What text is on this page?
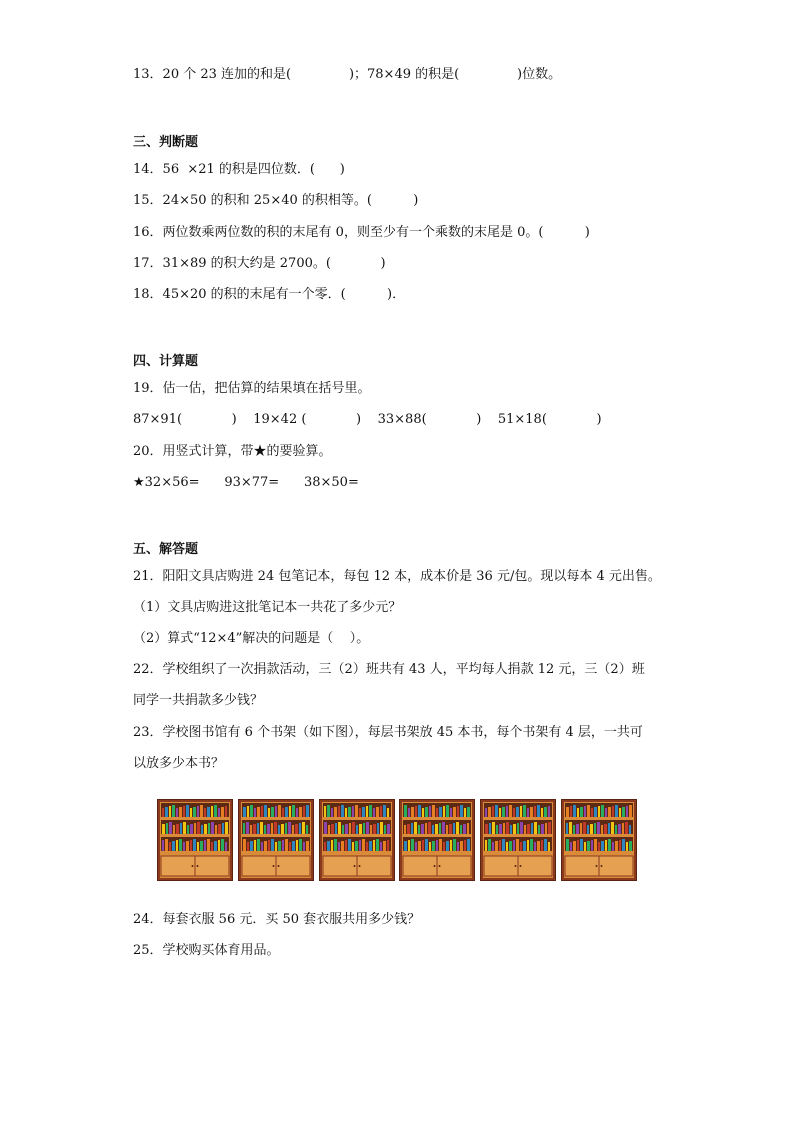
13．20 个 23 连加的和是(              )；78×49 的积是(              )位数。
三、判断题
14．56  ×21 的积是四位数．(      )
15．24×50 的积和 25×40 的积相等。(          )
16．两位数乘两位数的积的末尾有 0，则至少有一个乘数的末尾是 0。(          )
17．31×89 的积大约是 2700。(            )
18．45×20 的积的末尾有一个零．(          )．
四、计算题
19．估一估，把估算的结果填在括号里。
87×91(            )    19×42 (            )    33×88(            )    51×18(            )
20．用竖式计算，带★的要验算。
★32×56=      93×77=      38×50=
五、解答题
21．阳阳文具店购进 24 包笔记本，每包 12 本，成本价是 36 元/包。现以每本 4 元出售。
（1）文具店购进这批笔记本一共花了多少元？
（2）算式“12×4”解决的问题是（    ）。
22．学校组织了一次捐款活动，三（2）班共有 43 人，平均每人捐款 12 元，三（2）班
同学一共捐款多少钱？
23．学校图书馆有 6 个书架（如下图），每层书架放 45 本书，每个书架有 4 层，一共可
以放多少本书？
24．每套衣服 56 元．买 50 套衣服共用多少钱？
25．学校购买体育用品。
